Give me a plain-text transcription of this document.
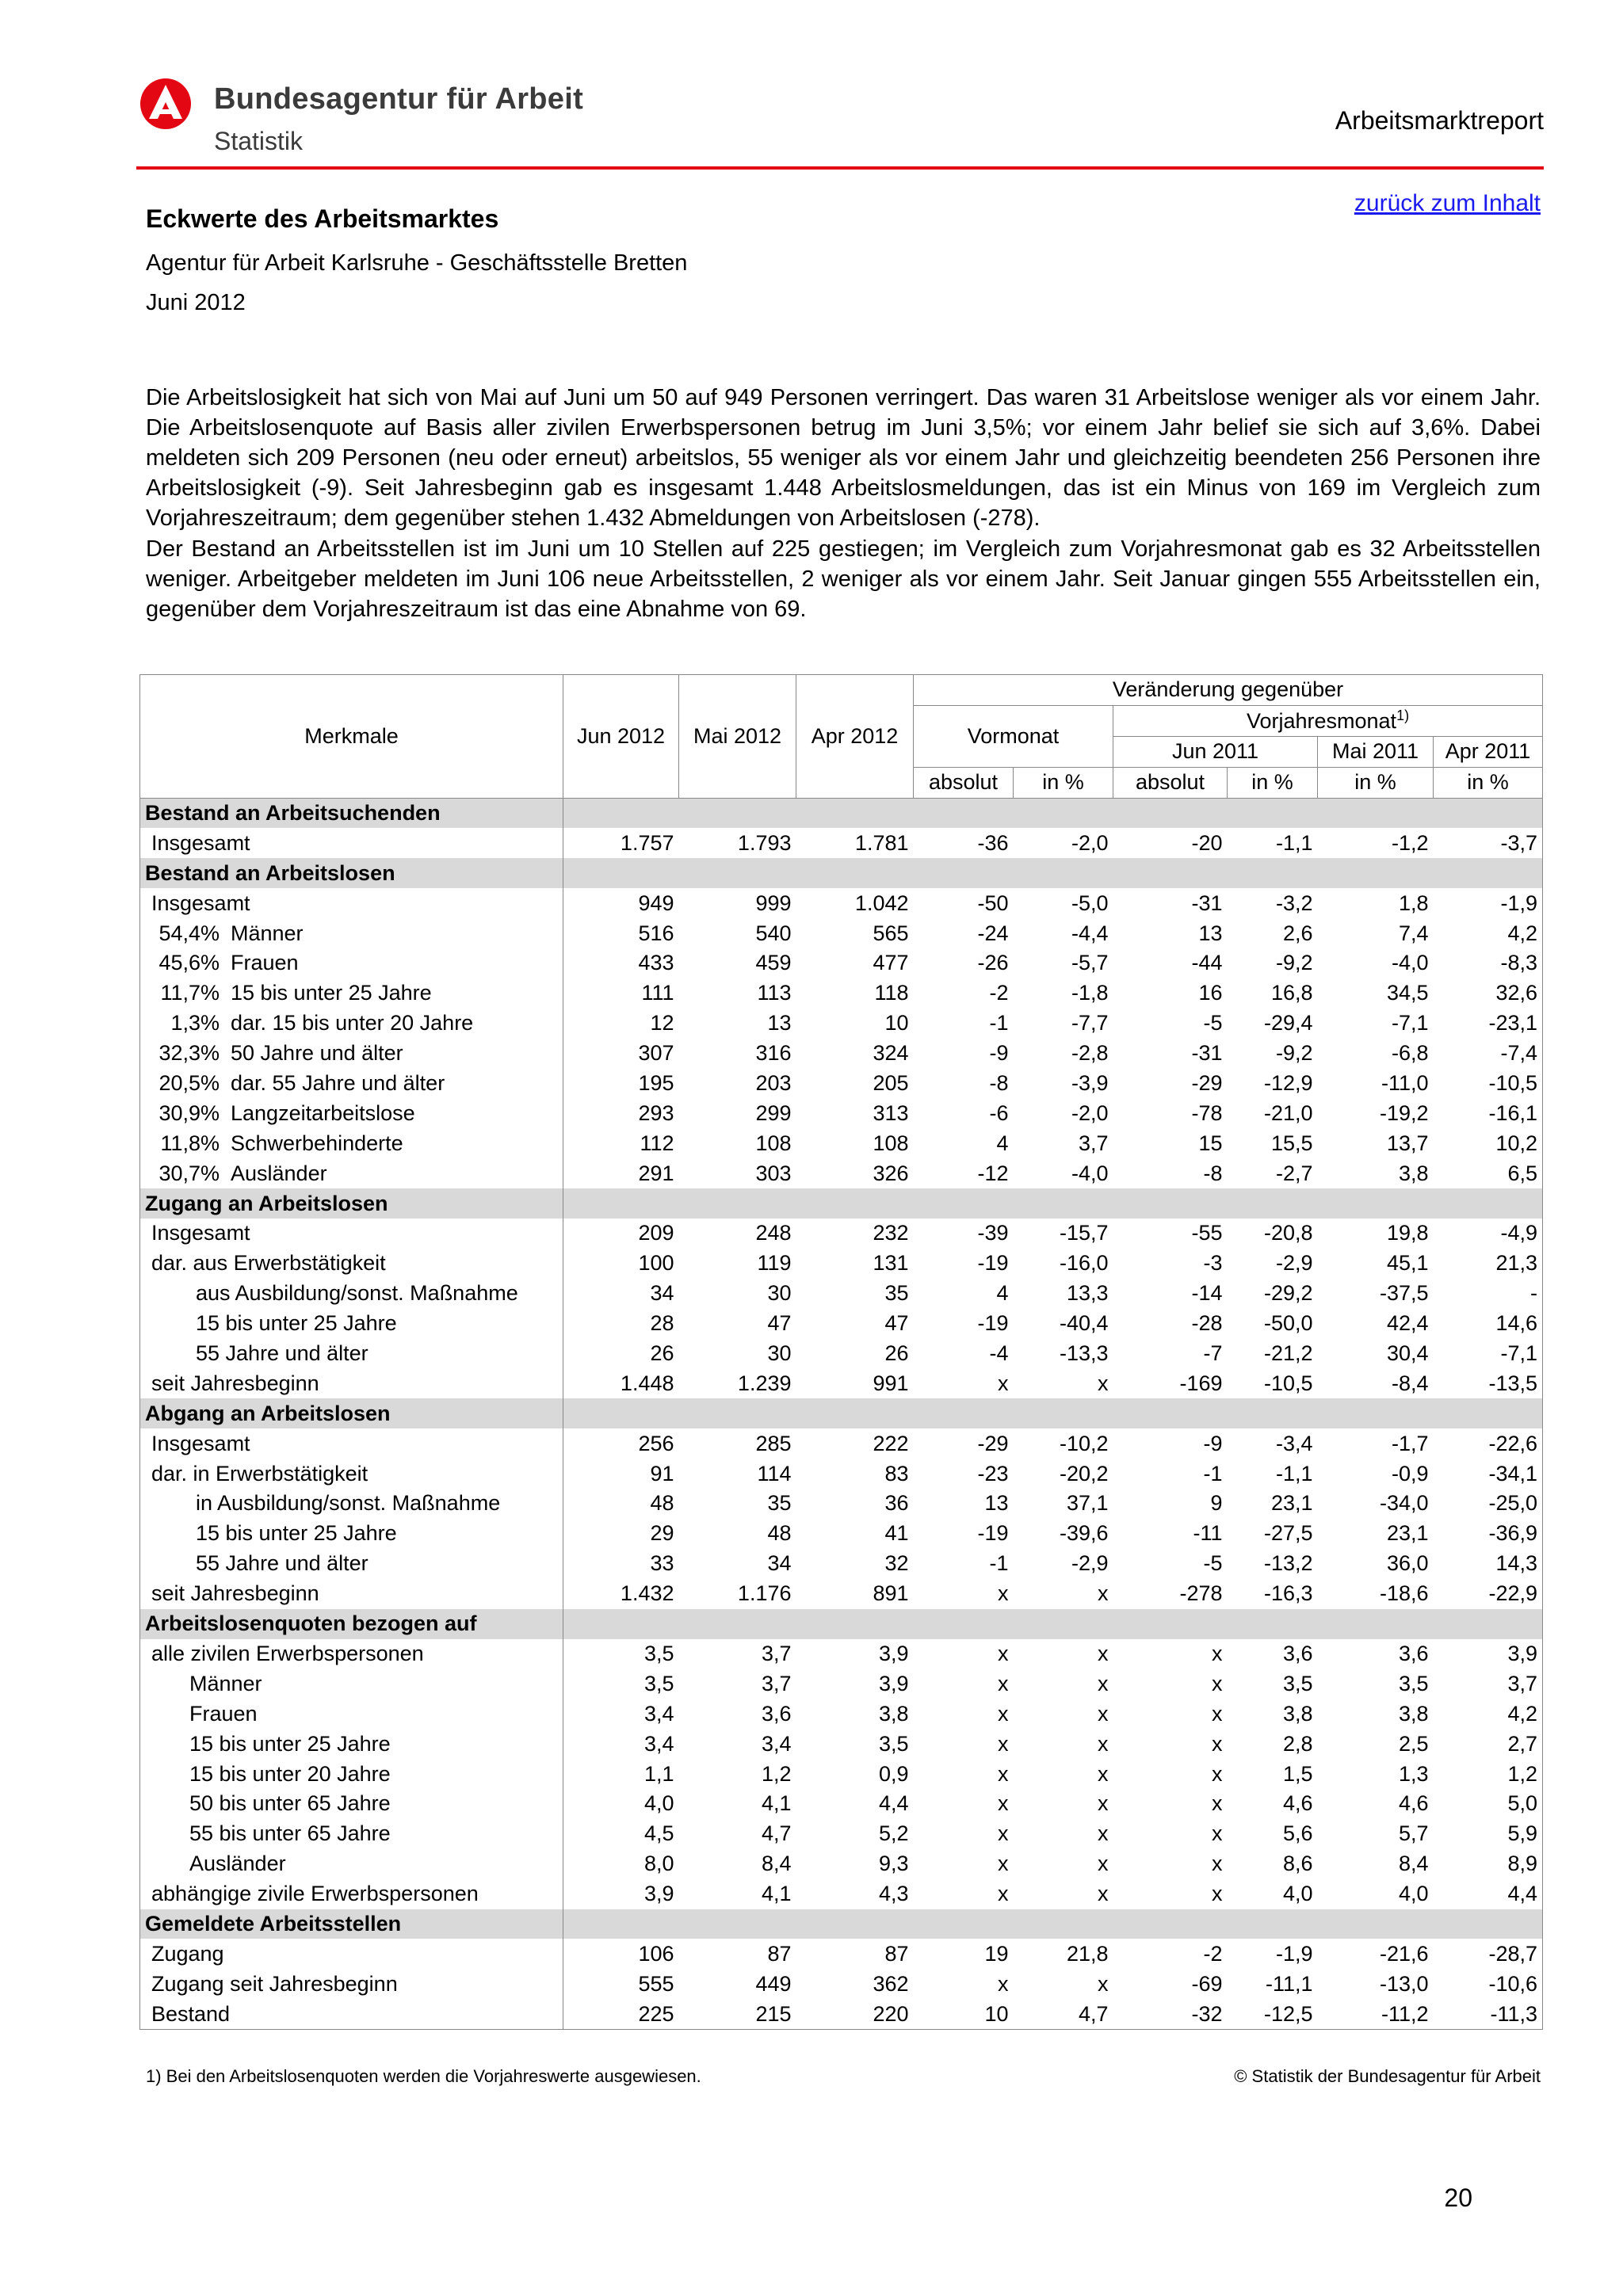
Bundesagentur für Arbeit
Statistik
Arbeitsmarktreport
zurück zum Inhalt
Eckwerte des Arbeitsmarktes
Agentur für Arbeit Karlsruhe - Geschäftsstelle Bretten
Juni 2012

Die Arbeitslosigkeit hat sich von Mai auf Juni um 50 auf 949 Personen verringert. Das waren 31 Arbeitslose weniger als vor einem Jahr. Die Arbeitslosenquote auf Basis aller zivilen Erwerbspersonen betrug im Juni 3,5%; vor einem Jahr belief sie sich auf 3,6%. Dabei meldeten sich 209 Personen (neu oder erneut) arbeitslos, 55 weniger als vor einem Jahr und gleichzeitig beendeten 256 Personen ihre Arbeitslosigkeit (-9). Seit Jahresbeginn gab es insgesamt 1.448 Arbeitslosmeldungen, das ist ein Minus von 169 im Vergleich zum Vorjahreszeitraum; dem gegenüber stehen 1.432 Abmeldungen von Arbeitslosen (-278).

Der Bestand an Arbeitsstellen ist im Juni um 10 Stellen auf 225 gestiegen; im Vergleich zum Vorjahresmonat gab es 32 Arbeitsstellen weniger. Arbeitgeber meldeten im Juni 106 neue Arbeitsstellen, 2 weniger als vor einem Jahr. Seit Januar gingen 555 Arbeitsstellen ein, gegenüber dem Vorjahreszeitraum ist das eine Abnahme von 69.

Merkmale	Jun 2012	Mai 2012	Apr 2012	Veränderung gegenüber					
				Vormonat		Vorjahresmonat$^{1)}$
						Jun 2011		Mai 2011	Apr 2011
				absolut	in %	absolut	in %	in %	in %
Bestand an Arbeitsuchenden									
Insgesamt	1.757	1.793	1.781	-36	-2,0	-20	-1,1	-1,2	-3,7
Bestand an Arbeitslosen									
Insgesamt	949	999	1.042	-50	-5,0	-31	-3,2	1,8	-1,9
54,4% Männer	516	540	565	-24	-4,4	13	2,6	7,4	4,2
45,6% Frauen	433	459	477	-26	-5,7	-44	-9,2	-4,0	-8,3
11,7% 15 bis unter 25 Jahre	111	113	118	-2	-1,8	16	16,8	34,5	32,6
1,3% dar. 15 bis unter 20 Jahre	12	13	10	-1	-7,7	-5	-29,4	-7,1	-23,1
32,3% 50 Jahre und älter	307	316	324	-9	-2,8	-31	-9,2	-6,8	-7,4
20,5% dar. 55 Jahre und älter	195	203	205	-8	-3,9	-29	-12,9	-11,0	-10,5
30,9% Langzeitarbeitslose	293	299	313	-6	-2,0	-78	-21,0	-19,2	-16,1
11,8% Schwerbehinderte	112	108	108	4	3,7	15	15,5	13,7	10,2
30,7% Ausländer	291	303	326	-12	-4,0	-8	-2,7	3,8	6,5
Zugang an Arbeitslosen									
Insgesamt	209	248	232	-39	-15,7	-55	-20,8	19,8	-4,9
dar. aus Erwerbstätigkeit	100	119	131	-19	-16,0	-3	-2,9	45,1	21,3
aus Ausbildung/sonst. Maßnahme	34	30	35	4	13,3	-14	-29,2	-37,5	-
15 bis unter 25 Jahre	28	47	47	-19	-40,4	-28	-50,0	42,4	14,6
55 Jahre und älter	26	30	26	-4	-13,3	-7	-21,2	30,4	-7,1
seit Jahresbeginn	1.448	1.239	991	x	x	-169	-10,5	-8,4	-13,5
Abgang an Arbeitslosen									
Insgesamt	256	285	222	-29	-10,2	-9	-3,4	-1,7	-22,6
dar. in Erwerbstätigkeit	91	114	83	-23	-20,2	-1	-1,1	-0,9	-34,1
in Ausbildung/sonst. Maßnahme	48	35	36	13	37,1	9	23,1	-34,0	-25,0
15 bis unter 25 Jahre	29	48	41	-19	-39,6	-11	-27,5	23,1	-36,9
55 Jahre und älter	33	34	32	-1	-2,9	-5	-13,2	36,0	14,3
seit Jahresbeginn	1.432	1.176	891	x	x	-278	-16,3	-18,6	-22,9
Arbeitslosenquoten bezogen auf									
alle zivilen Erwerbspersonen	3,5	3,7	3,9	x	x	x	3,6	3,6	3,9
Männer	3,5	3,7	3,9	x	x	x	3,5	3,5	3,7
Frauen	3,4	3,6	3,8	x	x	x	3,8	3,8	4,2
15 bis unter 25 Jahre	3,4	3,4	3,5	x	x	x	2,8	2,5	2,7
15 bis unter 20 Jahre	1,1	1,2	0,9	x	x	x	1,5	1,3	1,2
50 bis unter 65 Jahre	4,0	4,1	4,4	x	x	x	4,6	4,6	5,0
55 bis unter 65 Jahre	4,5	4,7	5,2	x	x	x	5,6	5,7	5,9
Ausländer	8,0	8,4	9,3	x	x	x	8,6	8,4	8,9
abhängige zivile Erwerbspersonen	3,9	4,1	4,3	x	x	x	4,0	4,0	4,4
Gemeldete Arbeitsstellen									
Zugang	106	87	87	19	21,8	-2	-1,9	-21,6	-28,7
Zugang seit Jahresbeginn	555	449	362	x	x	-69	-11,1	-13,0	-10,6
Bestand	225	215	220	10	4,7	-32	-12,5	-11,2	-11,3
1) Bei den Arbeitslosenquoten werden die Vorjahreswerte ausgewiesen.	© Statistik der Bundesagentur für Arbeit
20
